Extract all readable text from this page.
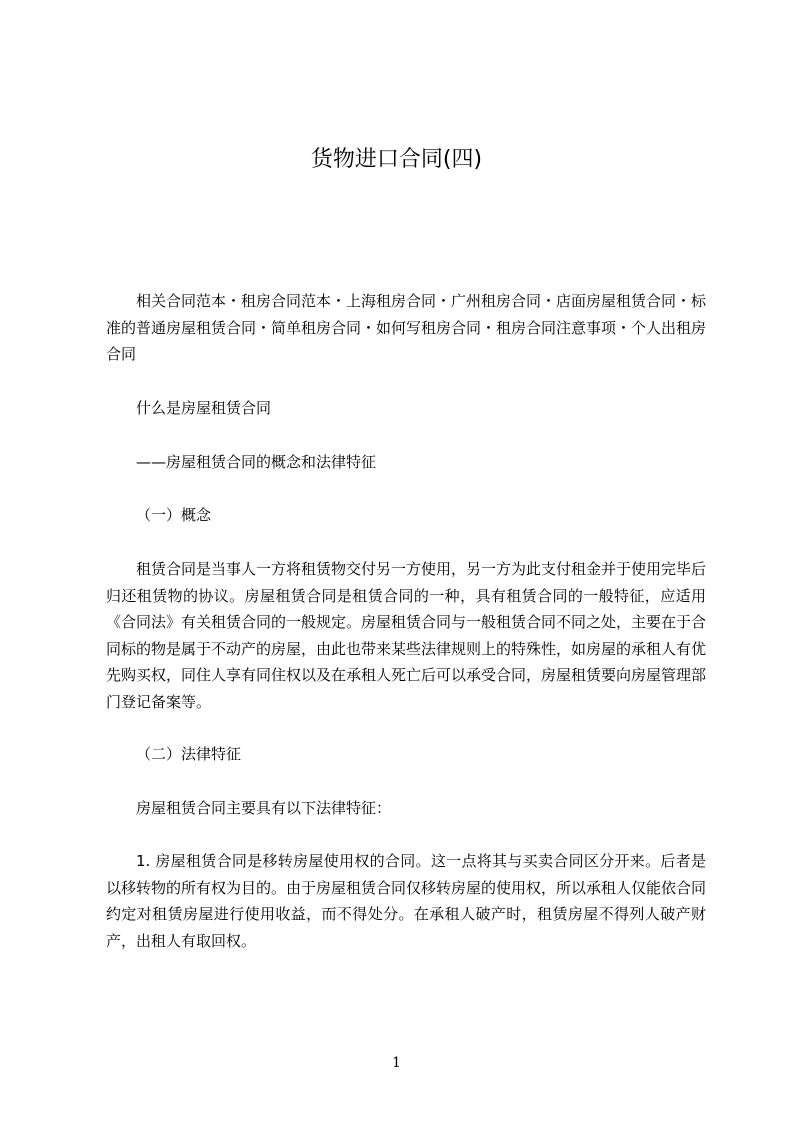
货物进口合同(四)

相关合同范本・租房合同范本・上海租房合同・广州租房合同・店面房屋租赁合同・标准的普通房屋租赁合同・简单租房合同・如何写租房合同・租房合同注意事项・个人出租房合同

什么是房屋租赁合同

——房屋租赁合同的概念和法律特征

（一）概念

租赁合同是当事人一方将租赁物交付另一方使用，另一方为此支付租金并于使用完毕后归还租赁物的协议。房屋租赁合同是租赁合同的一种，具有租赁合同的一般特征，应适用《合同法》有关租赁合同的一般规定。房屋租赁合同与一般租赁合同不同之处，主要在于合同标的物是属于不动产的房屋，由此也带来某些法律规则上的特殊性，如房屋的承租人有优先购买权，同住人享有同住权以及在承租人死亡后可以承受合同，房屋租赁要向房屋管理部门登记备案等。

（二）法律特征

房屋租赁合同主要具有以下法律特征：

1. 房屋租赁合同是移转房屋使用权的合同。这一点将其与买卖合同区分开来。后者是以移转物的所有权为目的。由于房屋租赁合同仅移转房屋的使用权，所以承租人仅能依合同约定对租赁房屋进行使用收益，而不得处分。在承租人破产时，租赁房屋不得列人破产财产，出租人有取回权。

1
